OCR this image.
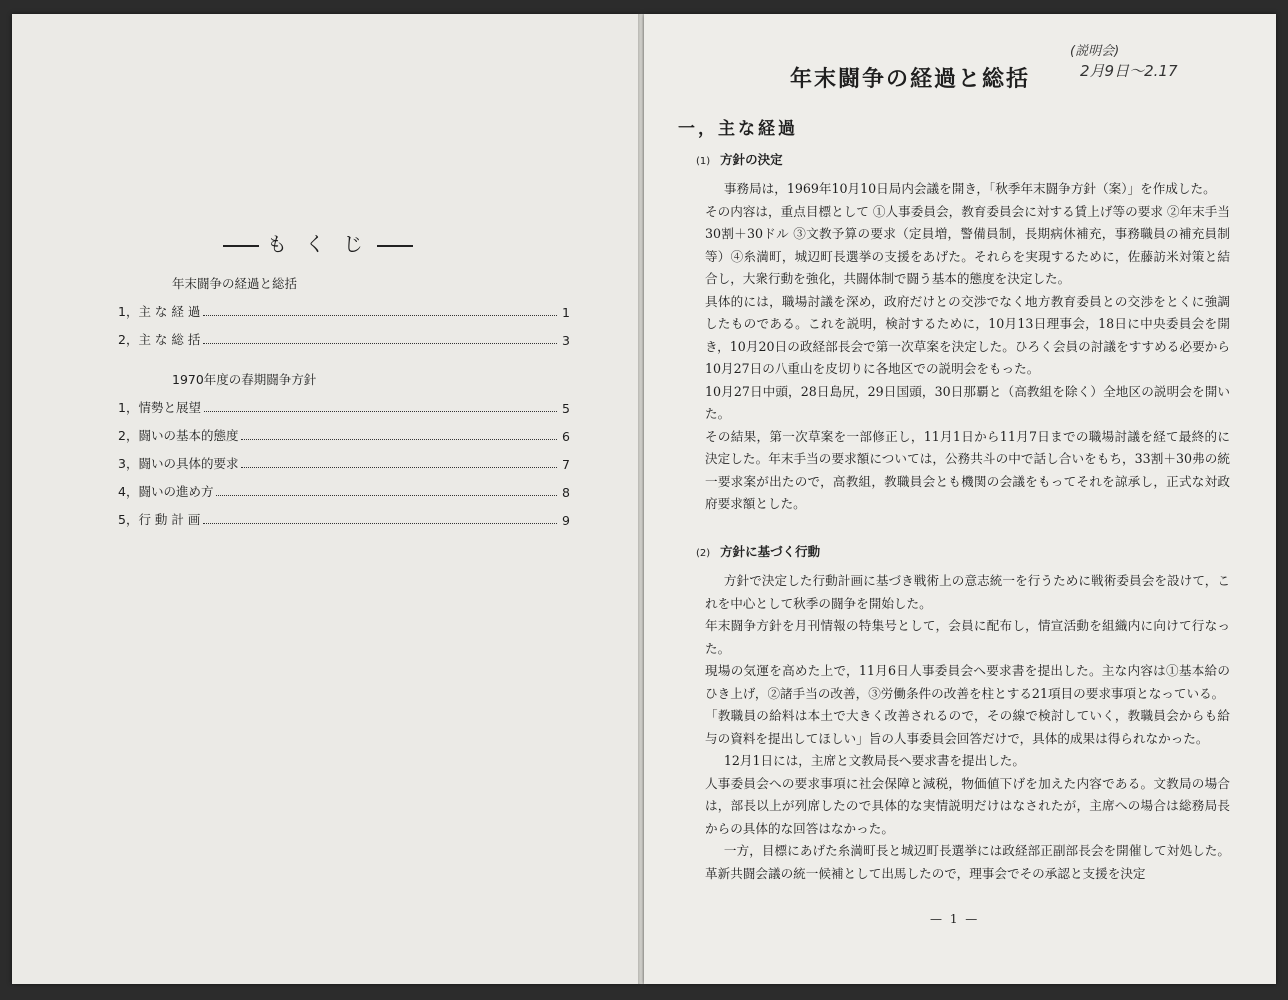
もくじ
年末闘争の経過と総括
1，主 な 経 過	1
2，主 な 総 括	3
1970年度の春期闘争方針
1，情勢と展望	5
2，闘いの基本的態度	6
3，闘いの具体的要求	7
4，闘いの進め方	8
5，行 動 計 画	9
年末闘争の経過と総括
(説明会)
2月9日〜2.17
一，主な経過
(1) 方針の決定

事務局は，1969年10月10日局内会議を開き，「秋季年末闘争方針（案）」を作成した。

その内容は，重点目標として ①人事委員会，教育委員会に対する賃上げ等の要求 ②年末手当30割＋30ドル ③文教予算の要求（定員増，警備員制，長期病休補充，事務職員の補充員制等）④糸満町，城辺町長選挙の支援をあげた。それらを実現するために，佐藤訪米対策と結合し，大衆行動を強化，共闘体制で闘う基本的態度を決定した。

具体的には，職場討議を深め，政府だけとの交渉でなく地方教育委員との交渉をとくに強調したものである。これを説明，検討するために，10月13日理事会，18日に中央委員会を開き，10月20日の政経部長会で第一次草案を決定した。ひろく会員の討議をすすめる必要から10月27日の八重山を皮切りに各地区での説明会をもった。

10月27日中頭，28日島尻，29日国頭，30日那覇と（高教組を除く）全地区の説明会を開いた。

その結果，第一次草案を一部修正し，11月1日から11月7日までの職場討議を経て最終的に決定した。年末手当の要求額については，公務共斗の中で話し合いをもち，33割＋30弗の統一要求案が出たので，高教組，教職員会とも機関の会議をもってそれを諒承し，正式な対政府要求額とした。

(2) 方針に基づく行動

方針で決定した行動計画に基づき戦術上の意志統一を行うために戦術委員会を設けて，これを中心として秋季の闘争を開始した。

年末闘争方針を月刊情報の特集号として，会員に配布し，情宣活動を組織内に向けて行なった。

現場の気運を高めた上で，11月6日人事委員会へ要求書を提出した。主な内容は①基本給のひき上げ，②諸手当の改善，③労働条件の改善を柱とする21項目の要求事項となっている。

「教職員の給料は本土で大きく改善されるので，その線で検討していく，教職員会からも給与の資料を提出してほしい」旨の人事委員会回答だけで，具体的成果は得られなかった。

12月1日には，主席と文教局長へ要求書を提出した。

人事委員会への要求事項に社会保障と減税，物価値下げを加えた内容である。文教局の場合は，部長以上が列席したので具体的な実情説明だけはなされたが，主席への場合は総務局長からの具体的な回答はなかった。

一方，目標にあげた糸満町長と城辺町長選挙には政経部正副部長会を開催して対処した。革新共闘会議の統一候補として出馬したので，理事会でその承認と支援を決定

— 1 —
